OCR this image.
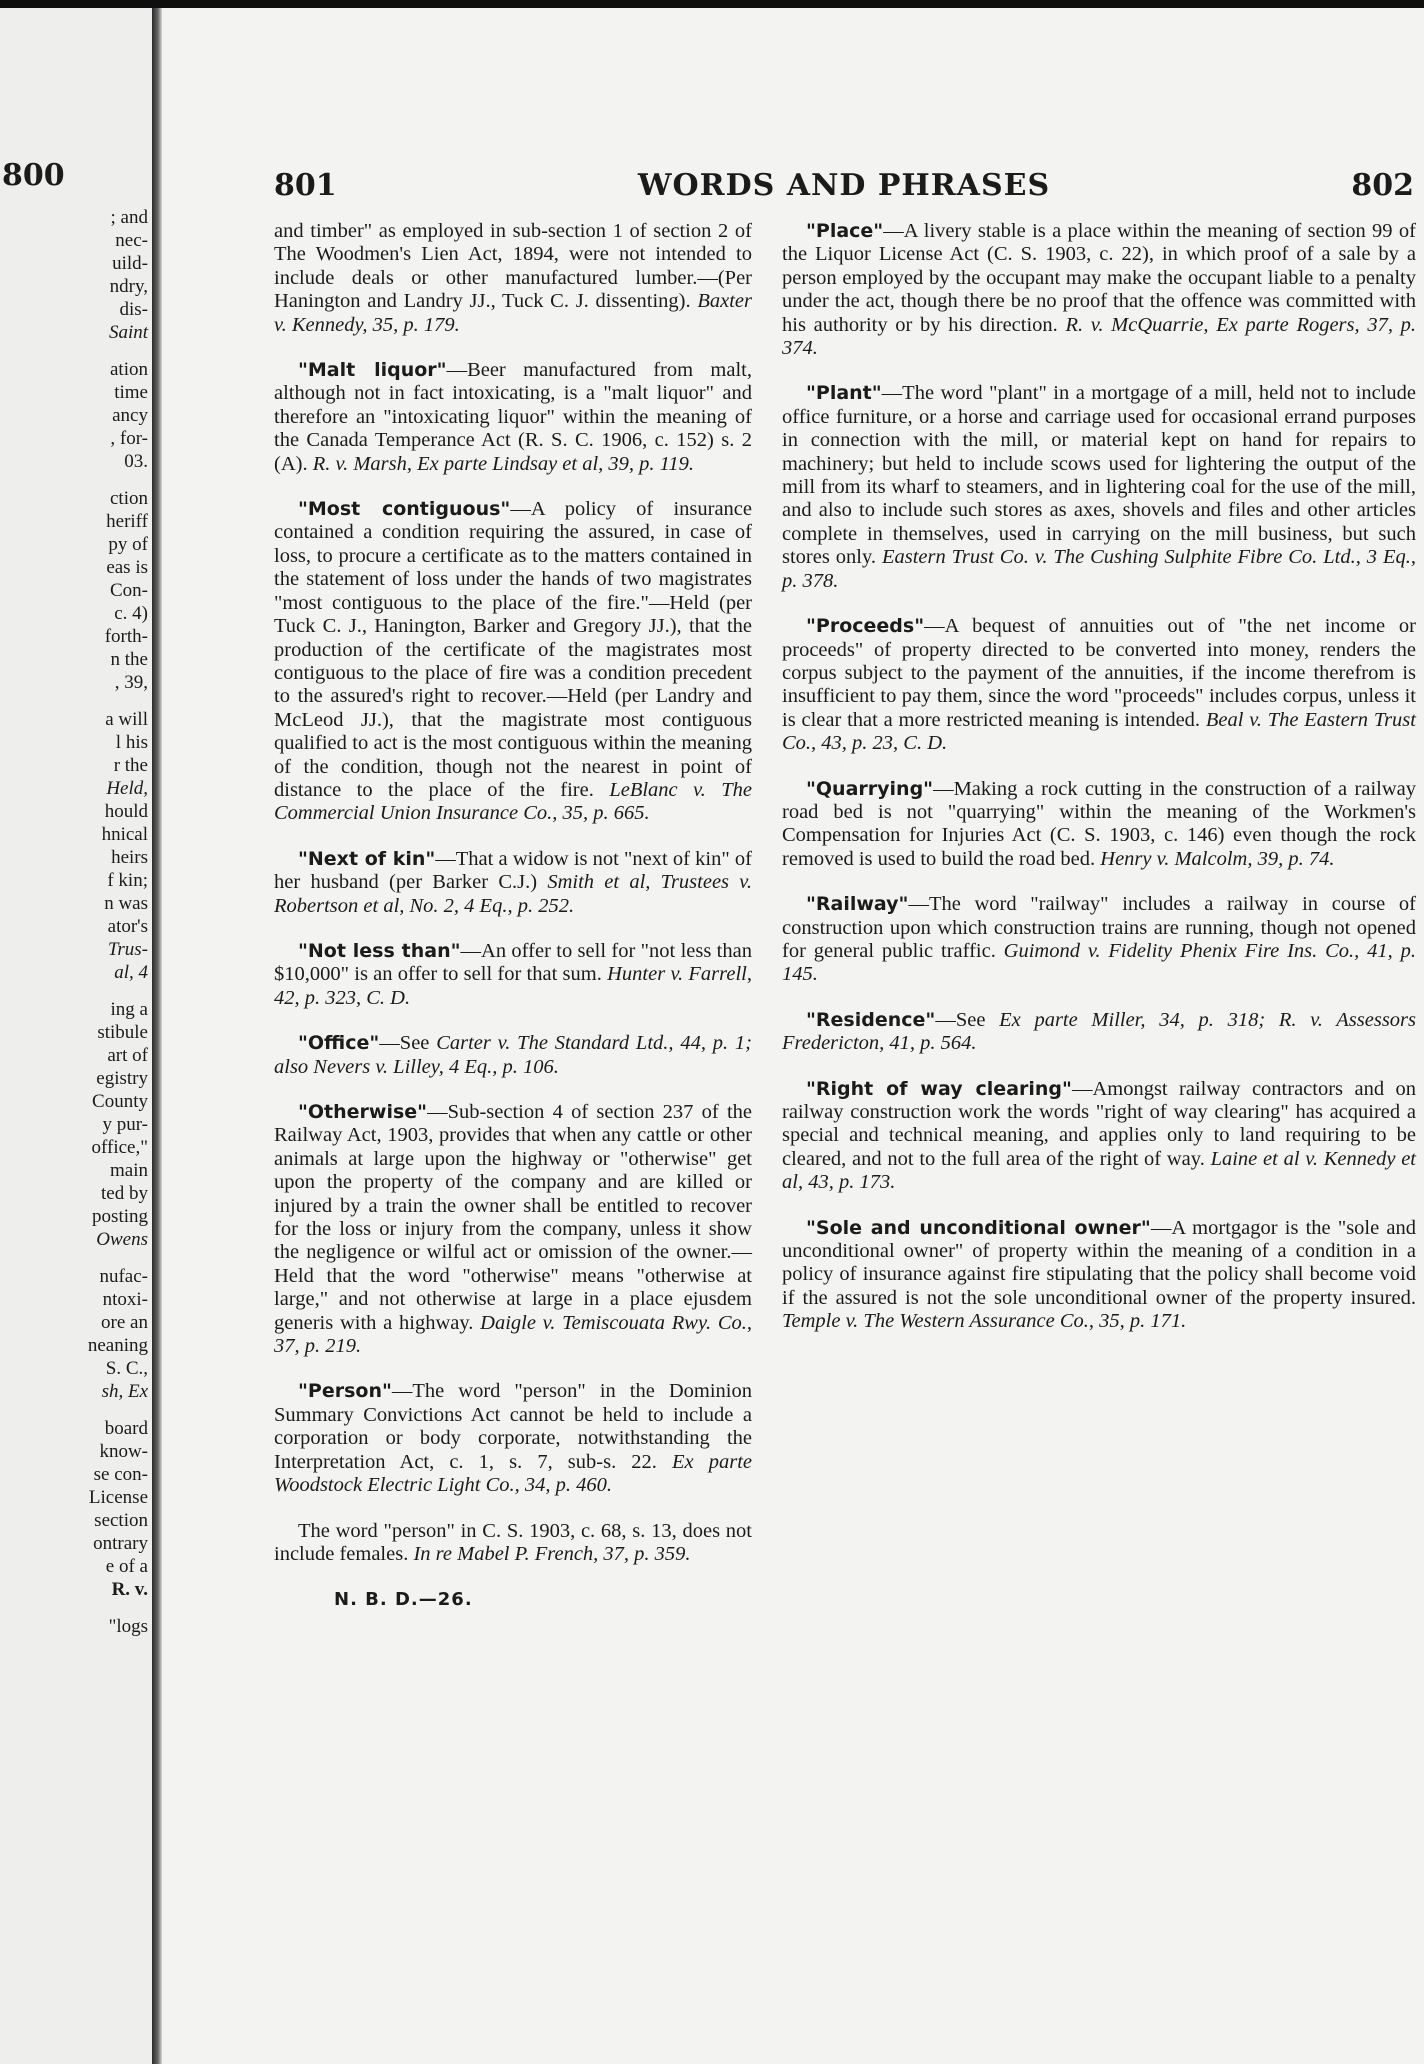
800
; and
nec-
uild-
ndry,
dis-
Saint
ation
time
ancy
, for-
03.
ction
heriff
py of
eas is
Con-
c. 4)
forth-
n the
, 39,
a will
l his
r the
Held,
hould
hnical
heirs
f kin;
n was
ator's
Trus-
al, 4
ing a
stibule
art of
egistry
County
y pur-
office,"
main
ted by
posting
Owens
nufac-
ntoxi-
ore an
neaning
S. C.,
sh, Ex
board
know-
se con-
License
section
ontrary
e of a
R. v.
"logs
WORDS AND PHRASES
801	802

and timber" as employed in sub-section 1 of section 2 of The Woodmen's Lien Act, 1894, were not intended to include deals or other manufactured lumber.—(Per Hanington and Landry JJ., Tuck C. J. dissenting). Baxter v. Kennedy, 35, p. 179.

"Malt liquor"—Beer manufactured from malt, although not in fact intoxicating, is a "malt liquor" and therefore an "intoxicating liquor" within the meaning of the Canada Temperance Act (R. S. C. 1906, c. 152) s. 2 (A). R. v. Marsh, Ex parte Lindsay et al, 39, p. 119.

"Most contiguous"—A policy of insurance contained a condition requiring the assured, in case of loss, to procure a certificate as to the matters contained in the statement of loss under the hands of two magistrates "most contiguous to the place of the fire."—Held (per Tuck C. J., Hanington, Barker and Gregory JJ.), that the production of the certificate of the magistrates most contiguous to the place of fire was a condition precedent to the assured's right to recover.—Held (per Landry and McLeod JJ.), that the magistrate most contiguous qualified to act is the most contiguous within the meaning of the condition, though not the nearest in point of distance to the place of the fire. LeBlanc v. The Commercial Union Insurance Co., 35, p. 665.

"Next of kin"—That a widow is not "next of kin" of her husband (per Barker C.J.) Smith et al, Trustees v. Robertson et al, No. 2, 4 Eq., p. 252.

"Not less than"—An offer to sell for "not less than $10,000" is an offer to sell for that sum. Hunter v. Farrell, 42, p. 323, C. D.

"Office"—See Carter v. The Standard Ltd., 44, p. 1; also Nevers v. Lilley, 4 Eq., p. 106.

"Otherwise"—Sub-section 4 of section 237 of the Railway Act, 1903, provides that when any cattle or other animals at large upon the highway or "otherwise" get upon the property of the company and are killed or injured by a train the owner shall be entitled to recover for the loss or injury from the company, unless it show the negligence or wilful act or omission of the owner.—Held that the word "otherwise" means "otherwise at large," and not otherwise at large in a place ejusdem generis with a highway. Daigle v. Temiscouata Rwy. Co., 37, p. 219.

"Person"—The word "person" in the Dominion Summary Convictions Act cannot be held to include a corporation or body corporate, notwithstanding the Interpretation Act, c. 1, s. 7, sub-s. 22. Ex parte Woodstock Electric Light Co., 34, p. 460.

The word "person" in C. S. 1903, c. 68, s. 13, does not include females. In re Mabel P. French, 37, p. 359.

N. B. D.—26.

"Place"—A livery stable is a place within the meaning of section 99 of the Liquor License Act (C. S. 1903, c. 22), in which proof of a sale by a person employed by the occupant may make the occupant liable to a penalty under the act, though there be no proof that the offence was committed with his authority or by his direction. R. v. McQuarrie, Ex parte Rogers, 37, p. 374.

"Plant"—The word "plant" in a mortgage of a mill, held not to include office furniture, or a horse and carriage used for occasional errand purposes in connection with the mill, or material kept on hand for repairs to machinery; but held to include scows used for lightering the output of the mill from its wharf to steamers, and in lightering coal for the use of the mill, and also to include such stores as axes, shovels and files and other articles complete in themselves, used in carrying on the mill business, but such stores only. Eastern Trust Co. v. The Cushing Sulphite Fibre Co. Ltd., 3 Eq., p. 378.

"Proceeds"—A bequest of annuities out of "the net income or proceeds" of property directed to be converted into money, renders the corpus subject to the payment of the annuities, if the income therefrom is insufficient to pay them, since the word "proceeds" includes corpus, unless it is clear that a more restricted meaning is intended. Beal v. The Eastern Trust Co., 43, p. 23, C. D.

"Quarrying"—Making a rock cutting in the construction of a railway road bed is not "quarrying" within the meaning of the Workmen's Compensation for Injuries Act (C. S. 1903, c. 146) even though the rock removed is used to build the road bed. Henry v. Malcolm, 39, p. 74.

"Railway"—The word "railway" includes a railway in course of construction upon which construction trains are running, though not opened for general public traffic. Guimond v. Fidelity Phenix Fire Ins. Co., 41, p. 145.

"Residence"—See Ex parte Miller, 34, p. 318; R. v. Assessors Fredericton, 41, p. 564.

"Right of way clearing"—Amongst railway contractors and on railway construction work the words "right of way clearing" has acquired a special and technical meaning, and applies only to land requiring to be cleared, and not to the full area of the right of way. Laine et al v. Kennedy et al, 43, p. 173.

"Sole and unconditional owner"—A mortgagor is the "sole and unconditional owner" of property within the meaning of a condition in a policy of insurance against fire stipulating that the policy shall become void if the assured is not the sole unconditional owner of the property insured. Temple v. The Western Assurance Co., 35, p. 171.
